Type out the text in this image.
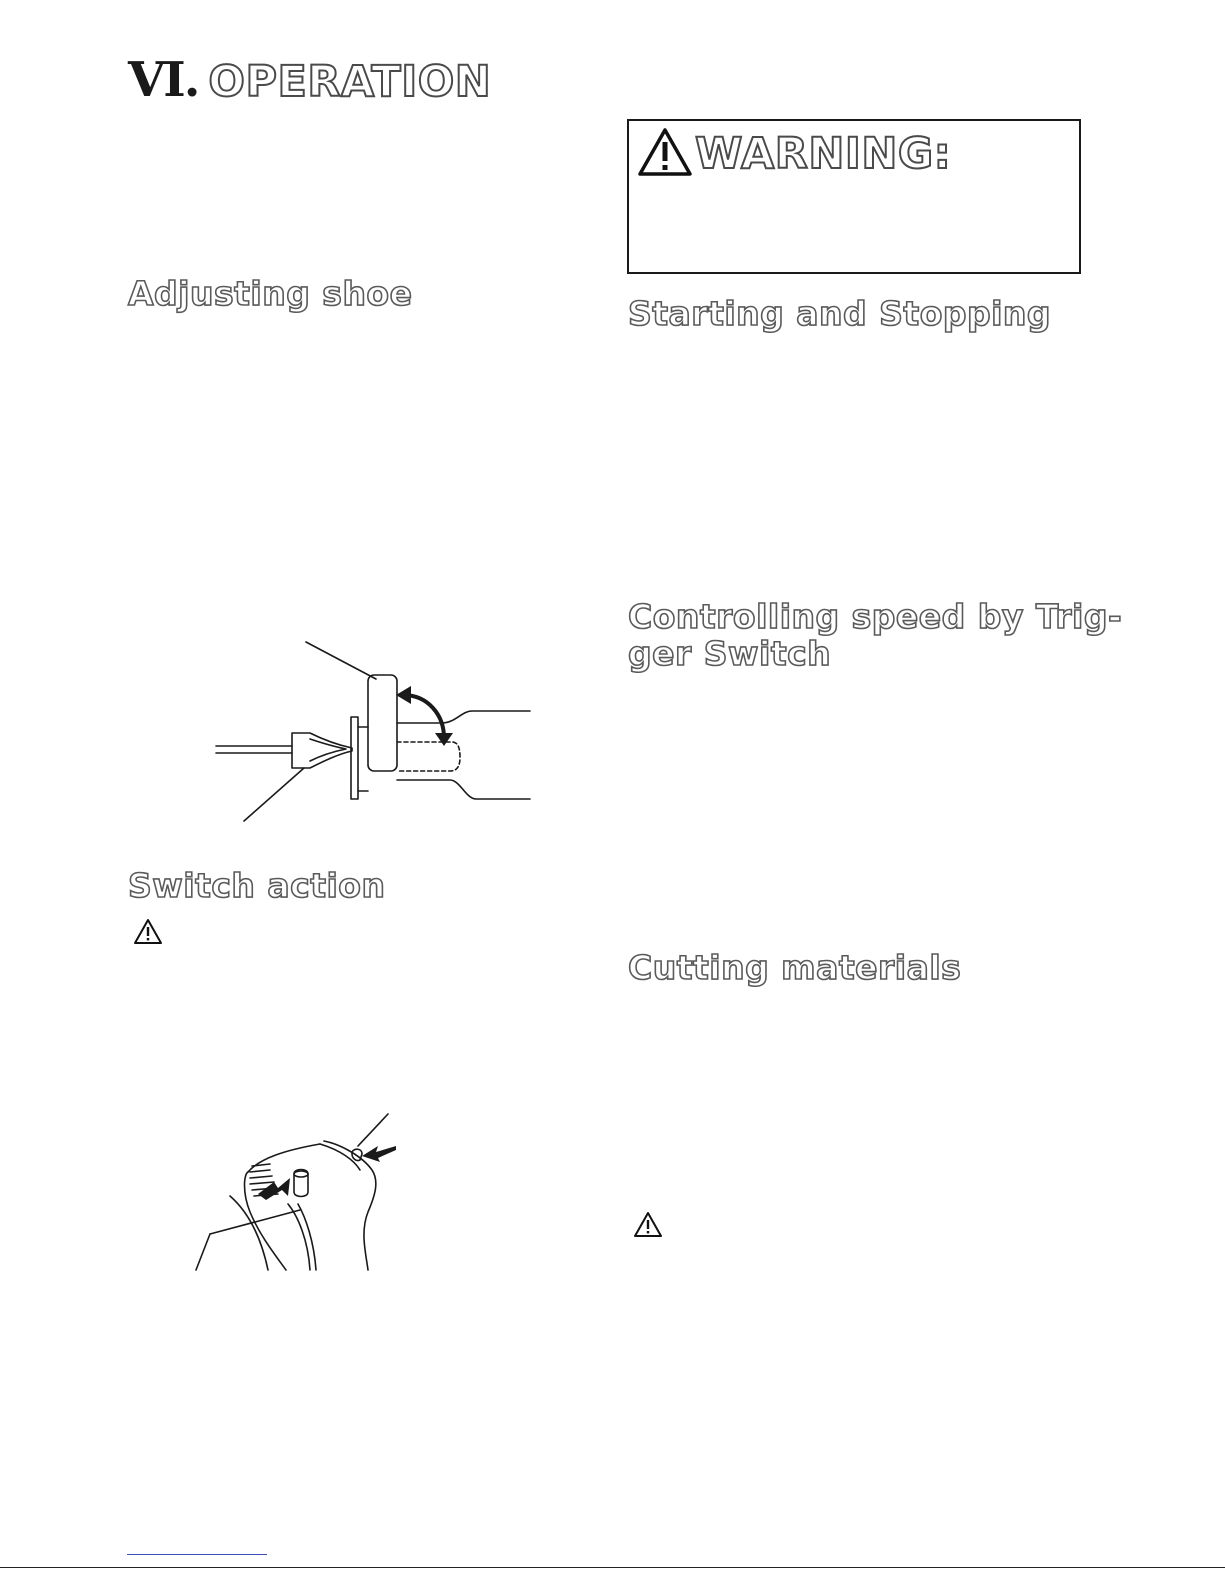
VI. OPERATION
WARNING:
Adjusting shoe
Switch action
Starting and Stopping
Controlling speed by Trig-
ger Switch
Cutting materials
